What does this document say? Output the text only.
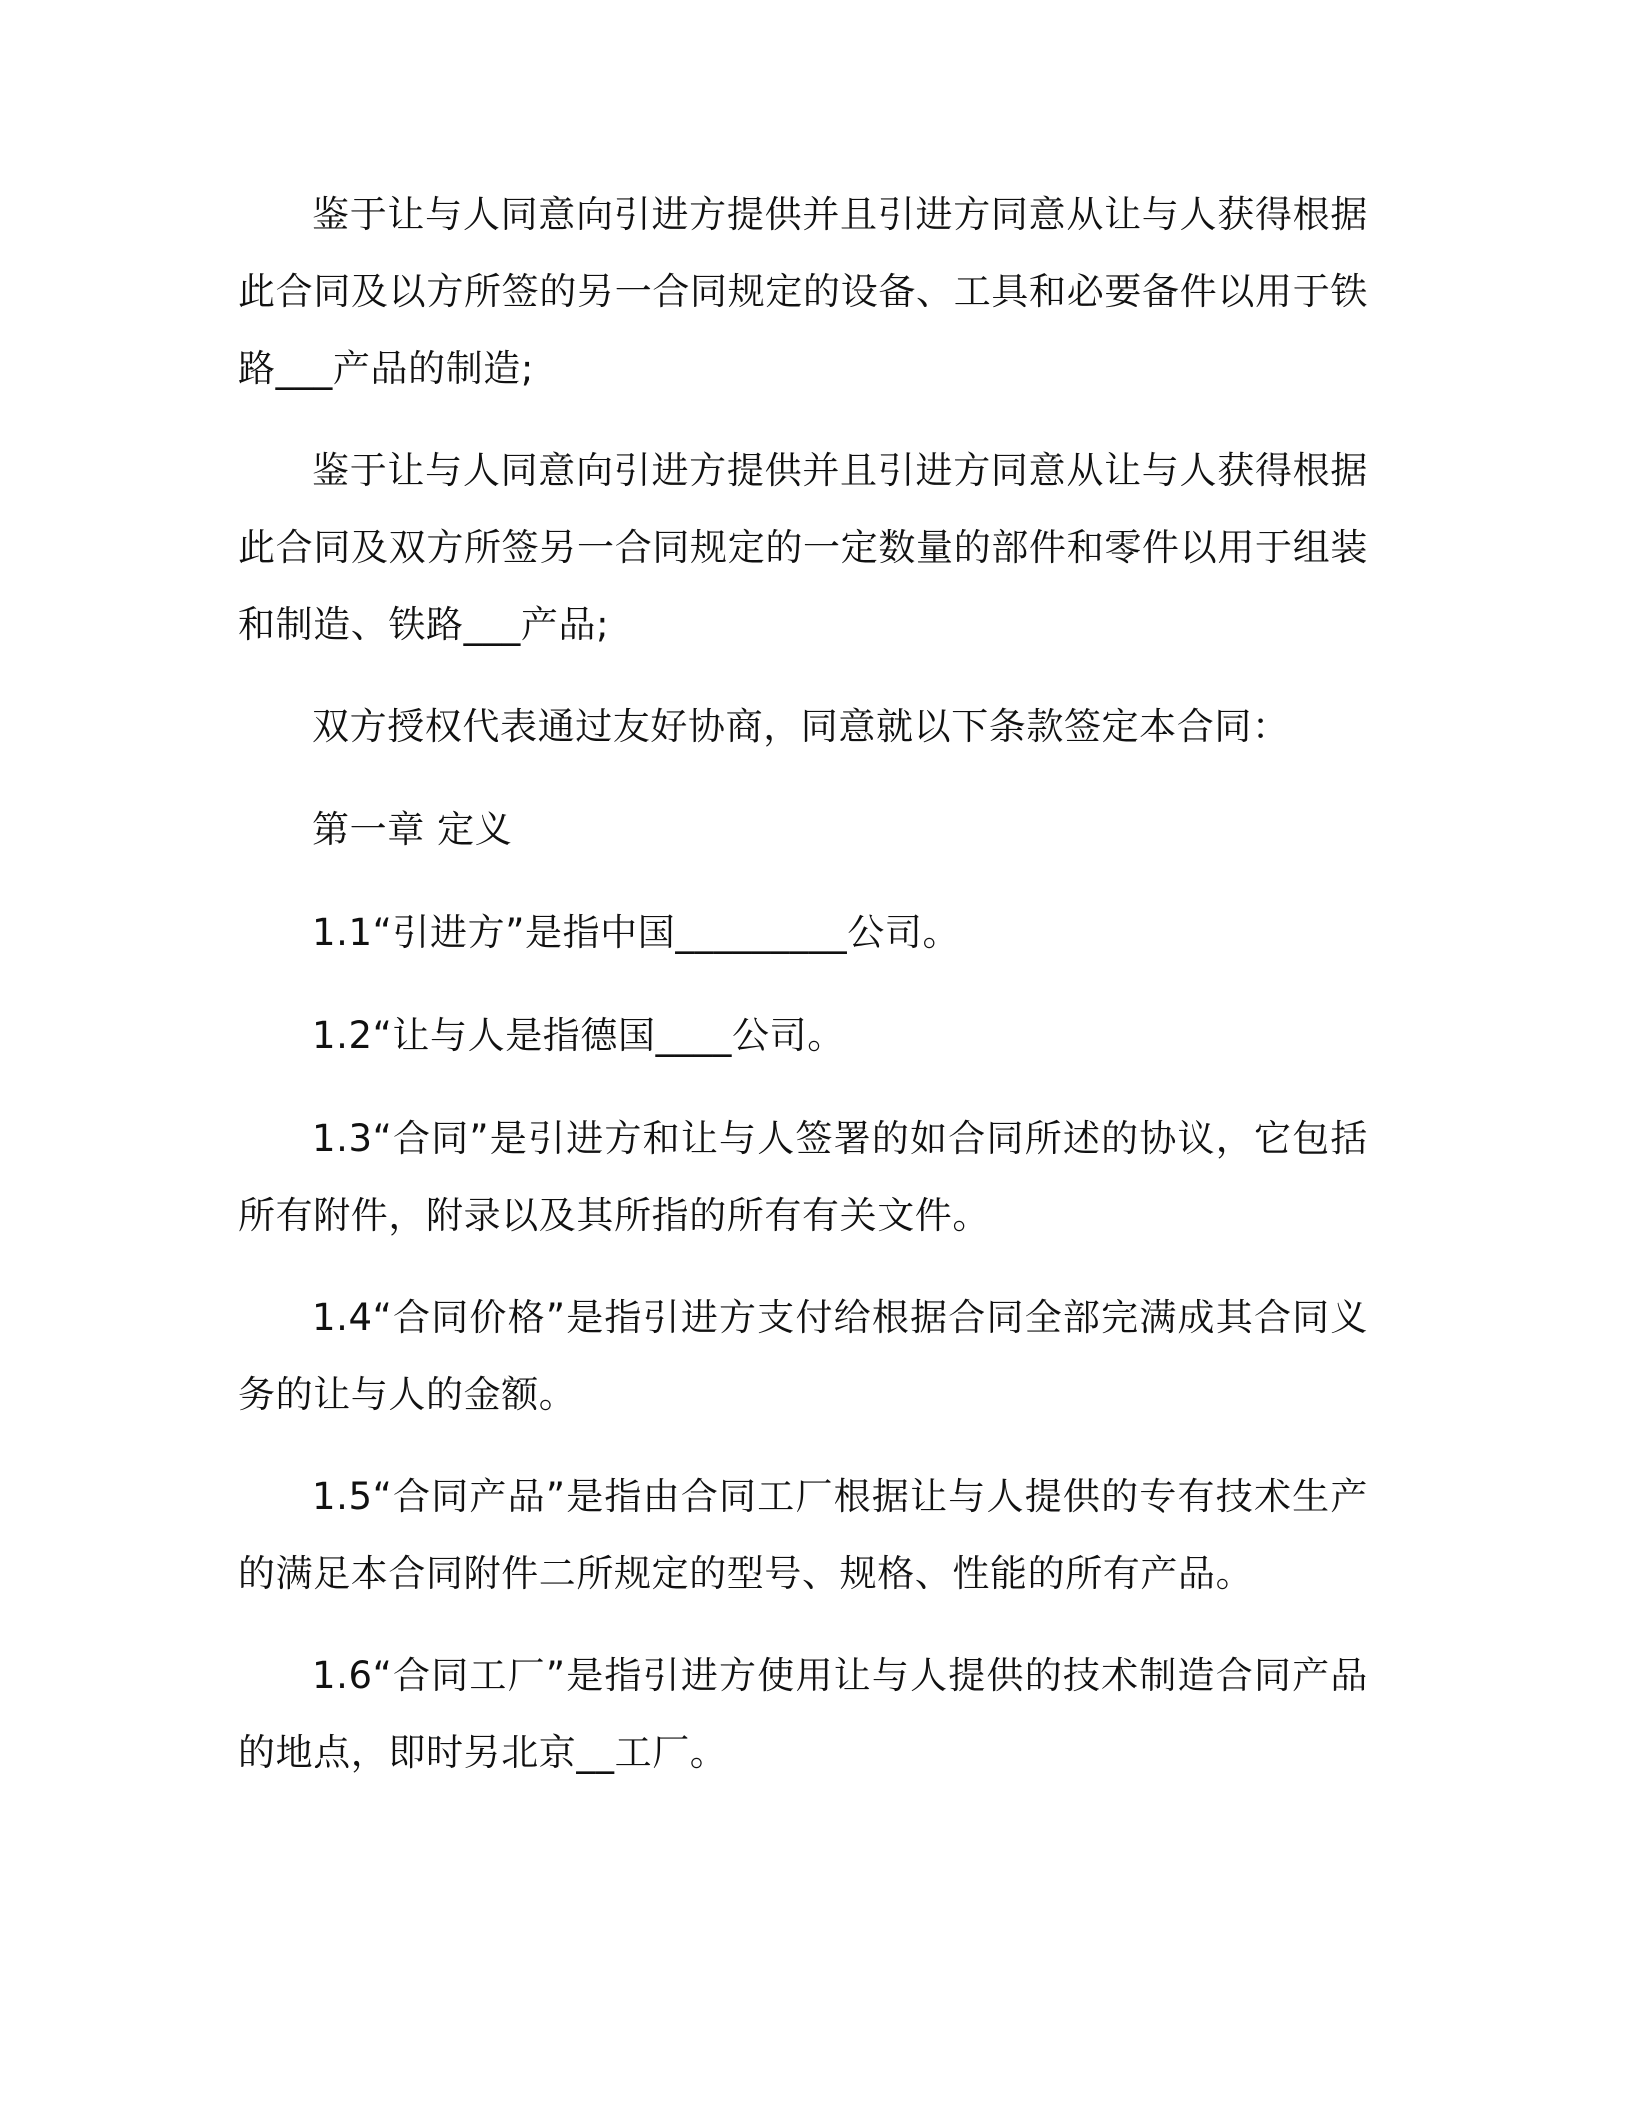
鉴于让与人同意向引进方提供并且引进方同意从让与人获得根据此合同及以方所签的另一合同规定的设备、工具和必要备件以用于铁路___产品的制造;

鉴于让与人同意向引进方提供并且引进方同意从让与人获得根据此合同及双方所签另一合同规定的一定数量的部件和零件以用于组装和制造、铁路___产品;

双方授权代表通过友好协商，同意就以下条款签定本合同：

第一章 定义

1.1“引进方”是指中国_________公司。

1.2“让与人是指德国____公司。

1.3“合同”是引进方和让与人签署的如合同所述的协议，它包括所有附件，附录以及其所指的所有有关文件。

1.4“合同价格”是指引进方支付给根据合同全部完满成其合同义务的让与人的金额。

1.5“合同产品”是指由合同工厂根据让与人提供的专有技术生产的满足本合同附件二所规定的型号、规格、性能的所有产品。

1.6“合同工厂”是指引进方使用让与人提供的技术制造合同产品的地点，即时另北京__工厂。
